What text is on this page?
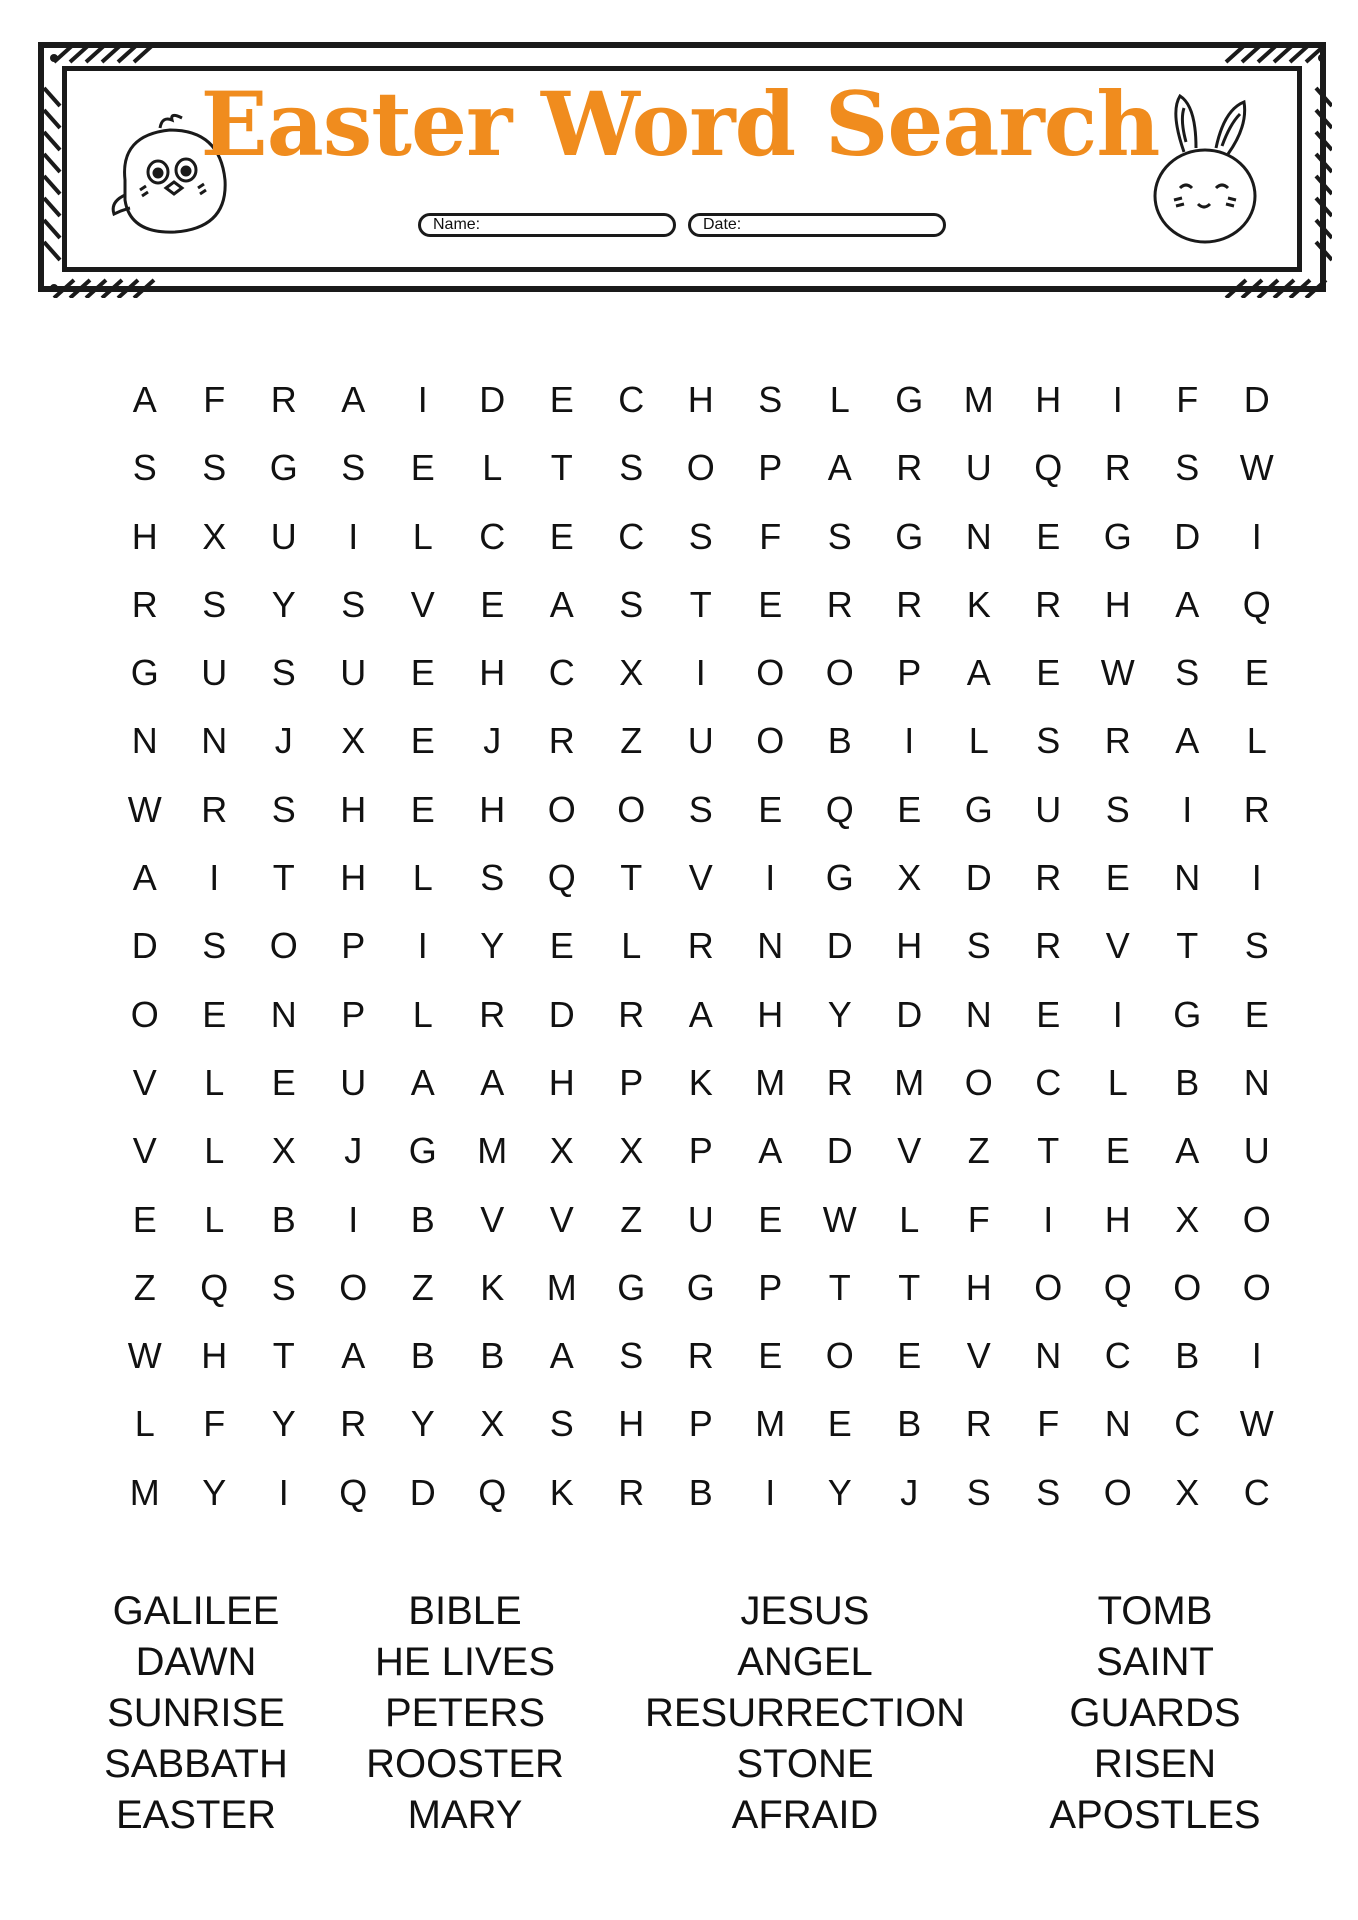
Easter Word Search
Name:	Date:
A	F	R	A	I	D	E	C	H	S	L	G	M	H	I	F	D
S	S	G	S	E	L	T	S	O	P	A	R	U	Q	R	S	W
H	X	U	I	L	C	E	C	S	F	S	G	N	E	G	D	I
R	S	Y	S	V	E	A	S	T	E	R	R	K	R	H	A	Q
G	U	S	U	E	H	C	X	I	O	O	P	A	E	W	S	E
N	N	J	X	E	J	R	Z	U	O	B	I	L	S	R	A	L
W	R	S	H	E	H	O	O	S	E	Q	E	G	U	S	I	R
A	I	T	H	L	S	Q	T	V	I	G	X	D	R	E	N	I
D	S	O	P	I	Y	E	L	R	N	D	H	S	R	V	T	S
O	E	N	P	L	R	D	R	A	H	Y	D	N	E	I	G	E
V	L	E	U	A	A	H	P	K	M	R	M	O	C	L	B	N
V	L	X	J	G	M	X	X	P	A	D	V	Z	T	E	A	U
E	L	B	I	B	V	V	Z	U	E	W	L	F	I	H	X	O
Z	Q	S	O	Z	K	M	G	G	P	T	T	H	O	Q	O	O
W	H	T	A	B	B	A	S	R	E	O	E	V	N	C	B	I
L	F	Y	R	Y	X	S	H	P	M	E	B	R	F	N	C	W
M	Y	I	Q	D	Q	K	R	B	I	Y	J	S	S	O	X	C
GALILEE
DAWN
SUNRISE
SABBATH
EASTER
BIBLE
HE LIVES
PETERS
ROOSTER
MARY
JESUS
ANGEL
RESURRECTION
STONE
AFRAID
TOMB
SAINT
GUARDS
RISEN
APOSTLES
